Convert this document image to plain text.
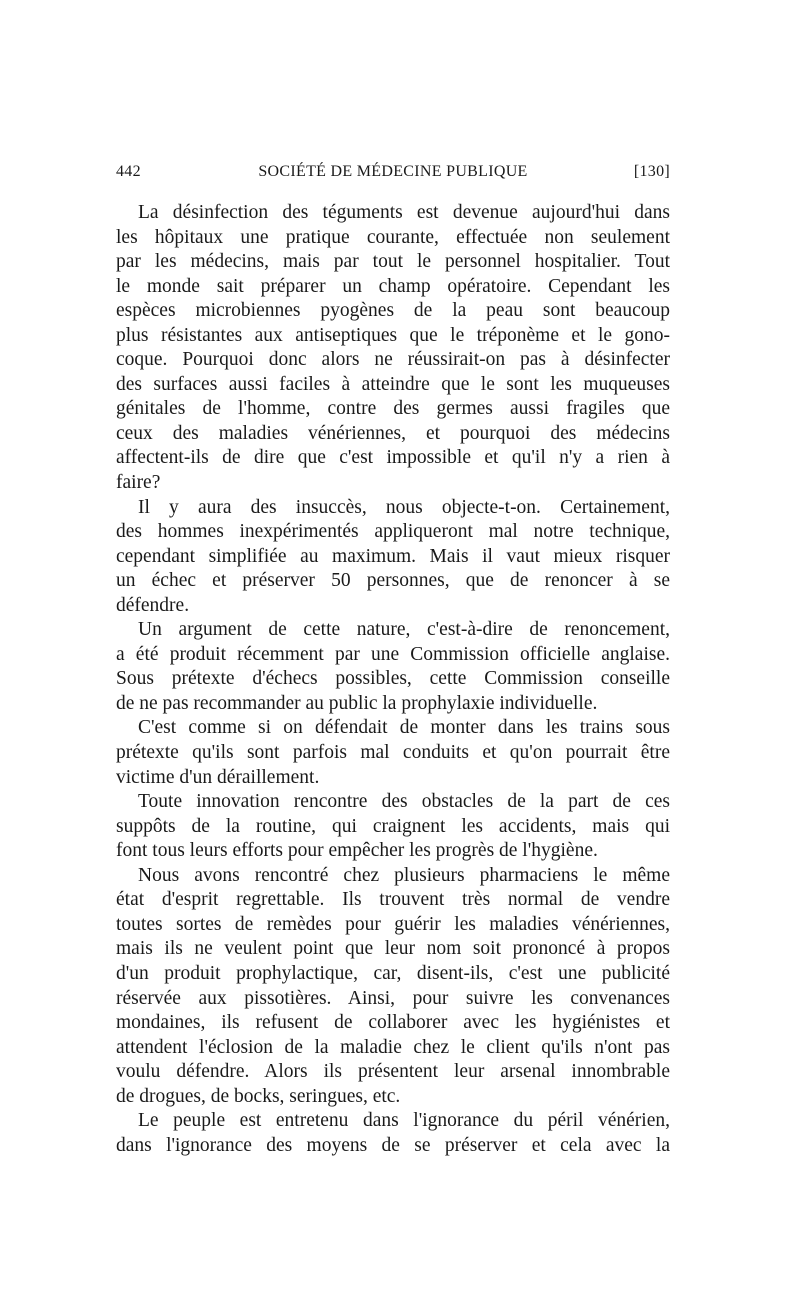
442	SOCIÉTÉ DE MÉDECINE PUBLIQUE	[130]
La désinfection des téguments est devenue aujourd'hui dans
les hôpitaux une pratique courante, effectuée non seulement
par les médecins, mais par tout le personnel hospitalier. Tout
le monde sait préparer un champ opératoire. Cependant les
espèces microbiennes pyogènes de la peau sont beaucoup
plus résistantes aux antiseptiques que le tréponème et le gono-
coque. Pourquoi donc alors ne réussirait-on pas à désinfecter
des surfaces aussi faciles à atteindre que le sont les muqueuses
génitales de l'homme, contre des germes aussi fragiles que
ceux des maladies vénériennes, et pourquoi des médecins
affectent-ils de dire que c'est impossible et qu'il n'y a rien à
faire?
Il y aura des insuccès, nous objecte-t-on. Certainement,
des hommes inexpérimentés appliqueront mal notre technique,
cependant simplifiée au maximum. Mais il vaut mieux risquer
un échec et préserver 50 personnes, que de renoncer à se
défendre.
Un argument de cette nature, c'est-à-dire de renoncement,
a été produit récemment par une Commission officielle anglaise.
Sous prétexte d'échecs possibles, cette Commission conseille
de ne pas recommander au public la prophylaxie individuelle.
C'est comme si on défendait de monter dans les trains sous
prétexte qu'ils sont parfois mal conduits et qu'on pourrait être
victime d'un déraillement.
Toute innovation rencontre des obstacles de la part de ces
suppôts de la routine, qui craignent les accidents, mais qui
font tous leurs efforts pour empêcher les progrès de l'hygiène.
Nous avons rencontré chez plusieurs pharmaciens le même
état d'esprit regrettable. Ils trouvent très normal de vendre
toutes sortes de remèdes pour guérir les maladies vénériennes,
mais ils ne veulent point que leur nom soit prononcé à propos
d'un produit prophylactique, car, disent-ils, c'est une publicité
réservée aux pissotières. Ainsi, pour suivre les convenances
mondaines, ils refusent de collaborer avec les hygiénistes et
attendent l'éclosion de la maladie chez le client qu'ils n'ont pas
voulu défendre. Alors ils présentent leur arsenal innombrable
de drogues, de bocks, seringues, etc.
Le peuple est entretenu dans l'ignorance du péril vénérien,
dans l'ignorance des moyens de se préserver et cela avec la
